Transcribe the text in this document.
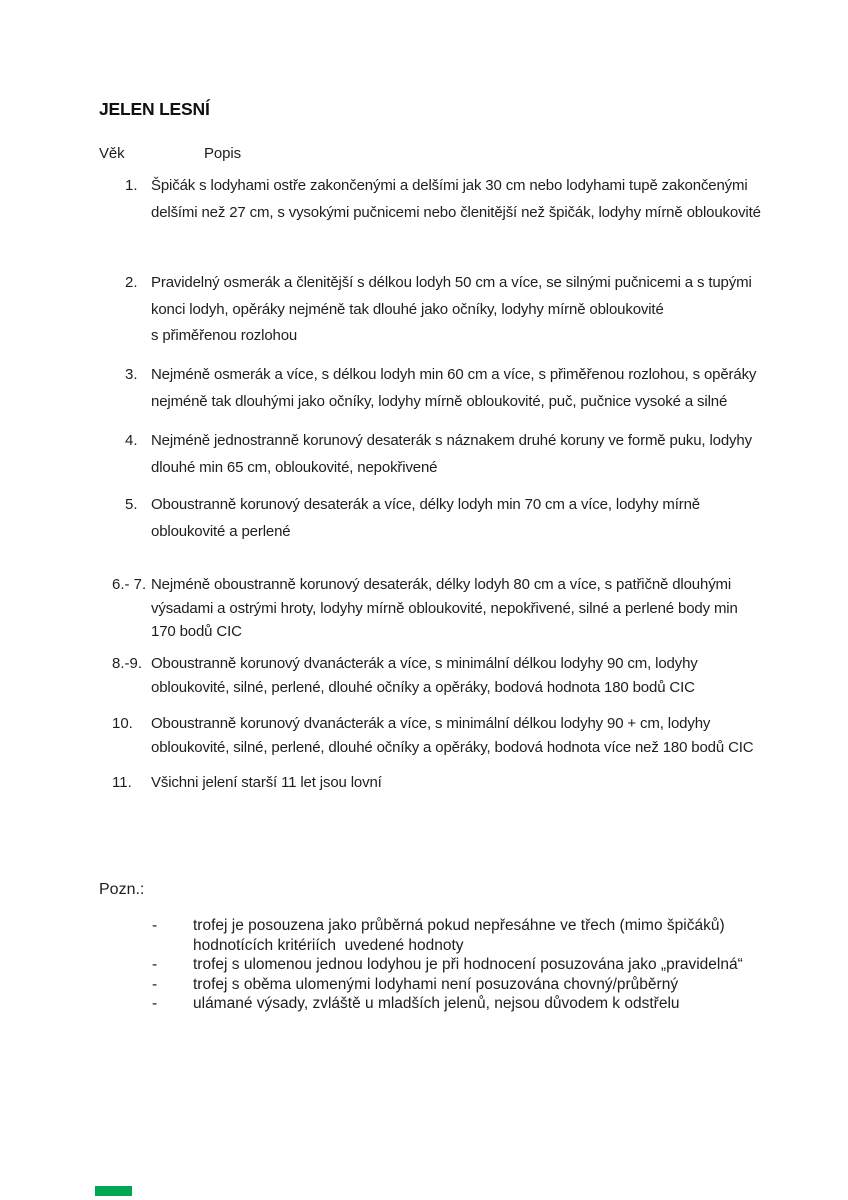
JELEN LESNÍ
Věk	Popis
1. Špičák s lodyhami ostře zakončenými a delšími jak 30 cm nebo lodyhami tupě zakončenými
delšími než 27 cm, s vysokými pučnicemi nebo členitější než špičák, lodyhy mírně obloukovité
2. Pravidelný osmerák a členitější s délkou lodyh 50 cm a více, se silnými pučnicemi a s tupými
konci lodyh, opěráky nejméně tak dlouhé jako očníky, lodyhy mírně obloukovité
s přiměřenou rozlohou
3. Nejméně osmerák a více, s délkou lodyh min 60 cm a více, s přiměřenou rozlohou, s opěráky
nejméně tak dlouhými jako očníky, lodyhy mírně obloukovité, puč, pučnice vysoké a silné
4. Nejméně jednostranně korunový desaterák s náznakem druhé koruny ve formě puku, lodyhy
dlouhé min 65 cm, obloukovité, nepokřivené
5. Oboustranně korunový desaterák a více, délky lodyh min 70 cm a více, lodyhy mírně
obloukovité a perlené
6.- 7. Nejméně oboustranně korunový desaterák, délky lodyh 80 cm a více, s patřičně dlouhými
výsadami a ostrými hroty, lodyhy mírně obloukovité, nepokřivené, silné a perlené body min
170 bodů CIC
8.-9. Oboustranně korunový dvanácterák a více, s minimální délkou lodyhy 90 cm, lodyhy
obloukovité, silné, perlené, dlouhé očníky a opěráky, bodová hodnota 180 bodů CIC
10. Oboustranně korunový dvanácterák a více, s minimální délkou lodyhy 90 + cm, lodyhy
obloukovité, silné, perlené, dlouhé očníky a opěráky, bodová hodnota více než 180 bodů CIC
11. Všichni jelení starší 11 let jsou lovní
Pozn.:
- trofej je posouzena jako průběrná pokud nepřesáhne ve třech (mimo špičáků)
hodnotících kritériích  uvedené hodnoty
- trofej s ulomenou jednou lodyhou je při hodnocení posuzována jako „pravidelná“
- trofej s oběma ulomenými lodyhami není posuzována chovný/průběrný
- ulámané výsady, zvláště u mladších jelenů, nejsou důvodem k odstřelu
